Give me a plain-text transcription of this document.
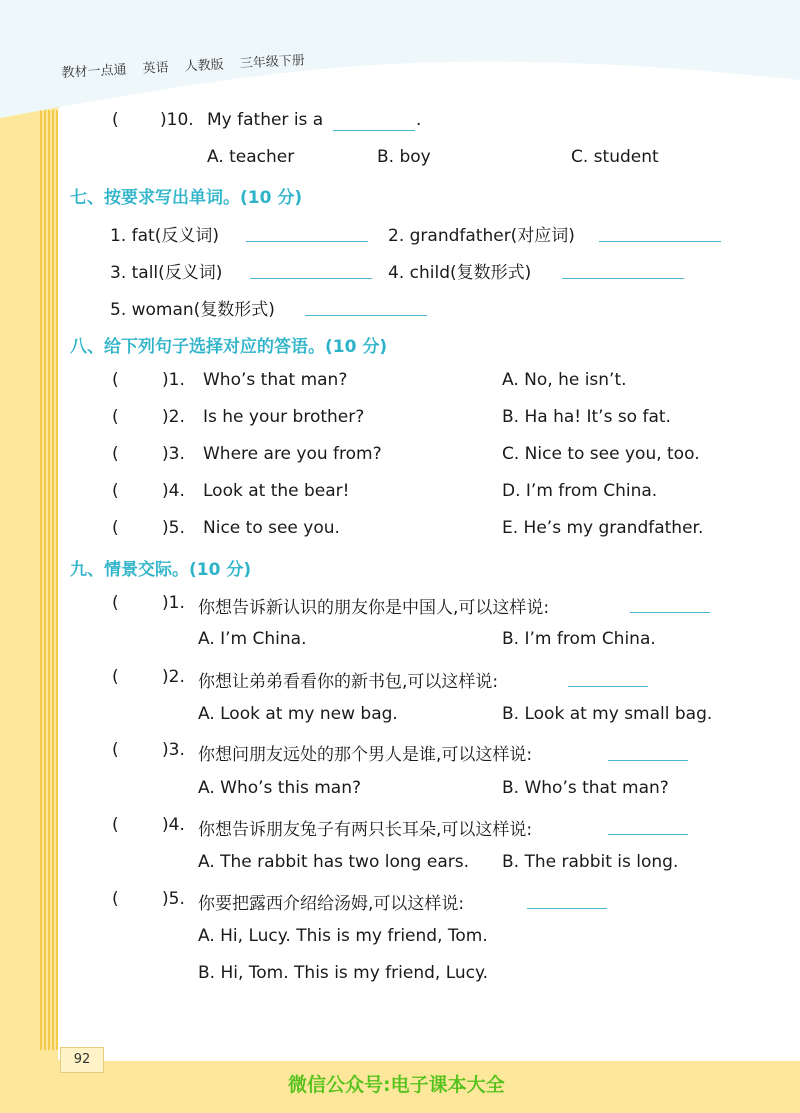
教材一点通 英语 人教版 三年级下册
( )10. My father is a	.
A. teacher	B. boy	C. student
七、按要求写出单词。(10 分)
1. fat(反义词)	2. grandfather(对应词)
3. tall(反义词)	4. child(复数形式)
5. woman(复数形式)
八、给下列句子选择对应的答语。(10 分)
(	)1. Who’s that man?	A. No, he isn’t.
(	)2. Is he your brother?	B. Ha ha! It’s so fat.
(	)3. Where are you from?	C. Nice to see you, too.
(	)4. Look at the bear!	D. I’m from China.
(	)5. Nice to see you.	E. He’s my grandfather.
九、情景交际。(10 分)
(	)1. 你想告诉新认识的朋友你是中国人,可以这样说:
A. I’m China.	B. I’m from China.
(	)2. 你想让弟弟看看你的新书包,可以这样说:
A. Look at my new bag.	B. Look at my small bag.
(	)3. 你想问朋友远处的那个男人是谁,可以这样说:
A. Who’s this man?	B. Who’s that man?
(	)4. 你想告诉朋友兔子有两只长耳朵,可以这样说:
A. The rabbit has two long ears. B. The rabbit is long.
(	)5. 你要把露西介绍给汤姆,可以这样说:
A. Hi, Lucy. This is my friend, Tom.
B. Hi, Tom. This is my friend, Lucy.
92
微信公众号:电子课本大全
